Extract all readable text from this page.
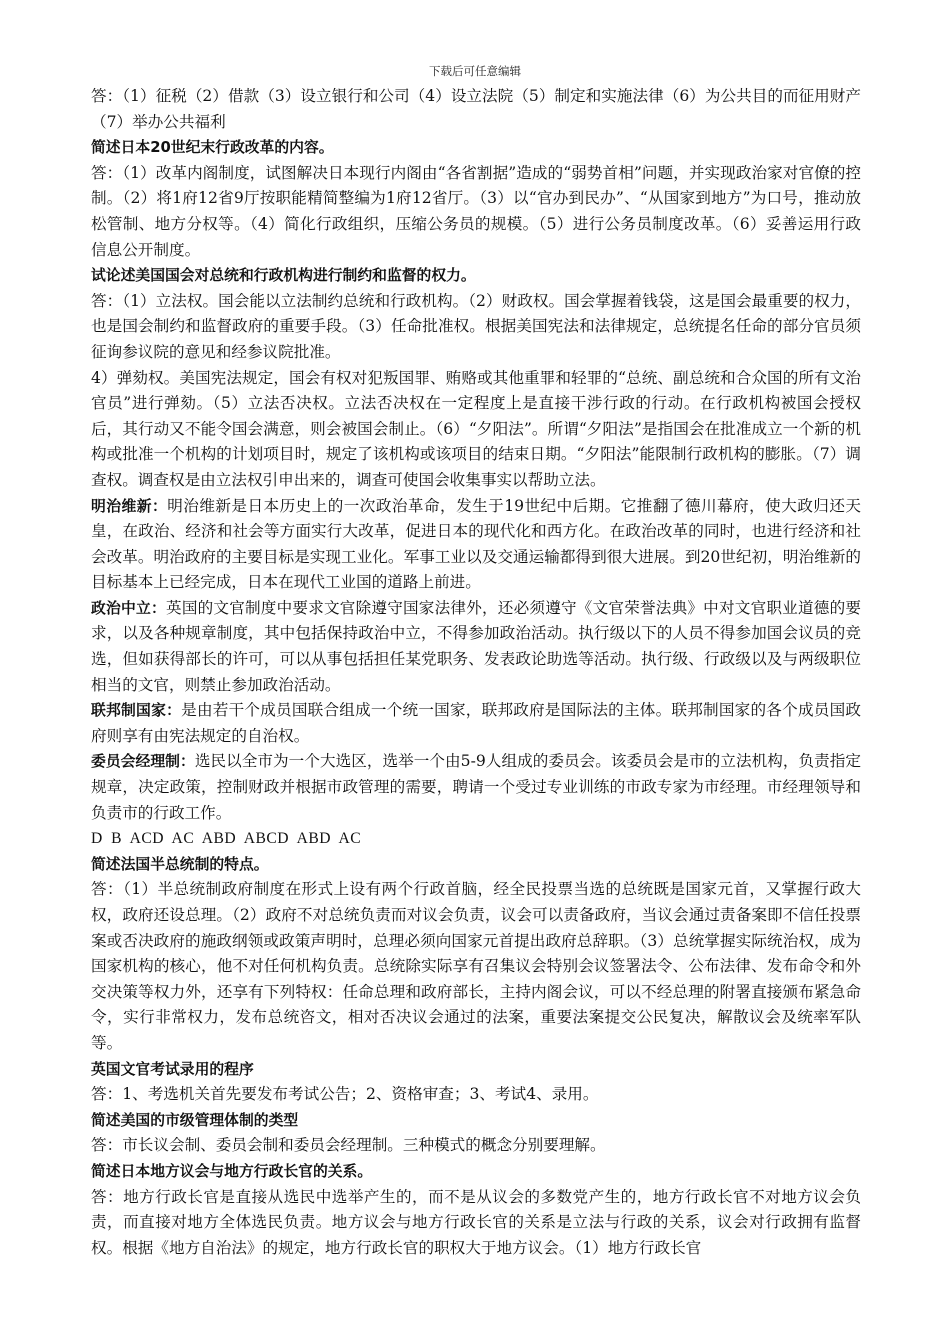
下载后可任意编辑

答：（1）征税（2）借款（3）设立银行和公司（4）设立法院（5）制定和实施法律（6）为公共目的而征用财产（7）举办公共福利

简述日本20世纪末行政改革的内容。

答：（1）改革内阁制度，试图解决日本现行内阁由“各省割据”造成的“弱势首相”问题，并实现政治家对官僚的控制。（2）将1府12省9厅按职能精简整编为1府12省厅。（3）以“官办到民办”、“从国家到地方”为口号，推动放松管制、地方分权等。（4）简化行政组织，压缩公务员的规模。（5）进行公务员制度改革。（6）妥善运用行政信息公开制度。

试论述美国国会对总统和行政机构进行制约和监督的权力。

答：（1）立法权。国会能以立法制约总统和行政机构。（2）财政权。国会掌握着钱袋，这是国会最重要的权力，也是国会制约和监督政府的重要手段。（3）任命批准权。根据美国宪法和法律规定，总统提名任命的部分官员须征询参议院的意见和经参议院批准。

4）弹劾权。美国宪法规定，国会有权对犯叛国罪、贿赂或其他重罪和轻罪的“总统、副总统和合众国的所有文治官员”进行弹劾。（5）立法否决权。立法否决权在一定程度上是直接干涉行政的行动。在行政机构被国会授权后，其行动又不能令国会满意，则会被国会制止。（6）“夕阳法”。所谓“夕阳法”是指国会在批准成立一个新的机构或批准一个机构的计划项目时，规定了该机构或该项目的结束日期。“夕阳法”能限制行政机构的膨胀。（7）调查权。调查权是由立法权引申出来的，调查可使国会收集事实以帮助立法。

明治维新：明治维新是日本历史上的一次政治革命，发生于19世纪中后期。它推翻了德川幕府，使大政归还天皇，在政治、经济和社会等方面实行大改革，促进日本的现代化和西方化。在政治改革的同时，也进行经济和社会改革。明治政府的主要目标是实现工业化。军事工业以及交通运输都得到很大进展。到20世纪初，明治维新的目标基本上已经完成，日本在现代工业国的道路上前进。

政治中立：英国的文官制度中要求文官除遵守国家法律外，还必须遵守《文官荣誉法典》中对文官职业道德的要求，以及各种规章制度，其中包括保持政治中立，不得参加政治活动。执行级以下的人员不得参加国会议员的竞选，但如获得部长的许可，可以从事包括担任某党职务、发表政论助选等活动。执行级、行政级以及与两级职位相当的文官，则禁止参加政治活动。

联邦制国家：是由若干个成员国联合组成一个统一国家，联邦政府是国际法的主体。联邦制国家的各个成员国政府则享有由宪法规定的自治权。

委员会经理制：选民以全市为一个大选区，选举一个由5-9人组成的委员会。该委员会是市的立法机构，负责指定规章，决定政策，控制财政并根据市政管理的需要，聘请一个受过专业训练的市政专家为市经理。市经理领导和负责市的行政工作。

D B ACD AC ABD ABCD ABD AC

简述法国半总统制的特点。

答：（1）半总统制政府制度在形式上设有两个行政首脑，经全民投票当选的总统既是国家元首，又掌握行政大权，政府还设总理。（2）政府不对总统负责而对议会负责，议会可以责备政府，当议会通过责备案即不信任投票案或否决政府的施政纲领或政策声明时，总理必须向国家元首提出政府总辞职。（3）总统掌握实际统治权，成为国家机构的核心，他不对任何机构负责。总统除实际享有召集议会特别会议签署法令、公布法律、发布命令和外交决策等权力外，还享有下列特权：任命总理和政府部长，主持内阁会议，可以不经总理的附署直接颁布紧急命令，实行非常权力，发布总统咨文，相对否决议会通过的法案，重要法案提交公民复决，解散议会及统率军队等。

英国文官考试录用的程序

答：1、考选机关首先要发布考试公告；2、资格审查；3、考试4、录用。

简述美国的市级管理体制的类型

答：市长议会制、委员会制和委员会经理制。三种模式的概念分别要理解。

简述日本地方议会与地方行政长官的关系。

答：地方行政长官是直接从选民中选举产生的，而不是从议会的多数党产生的，地方行政长官不对地方议会负责，而直接对地方全体选民负责。地方议会与地方行政长官的关系是立法与行政的关系，议会对行政拥有监督权。根据《地方自治法》的规定，地方行政长官的职权大于地方议会。（1）地方行政长官
